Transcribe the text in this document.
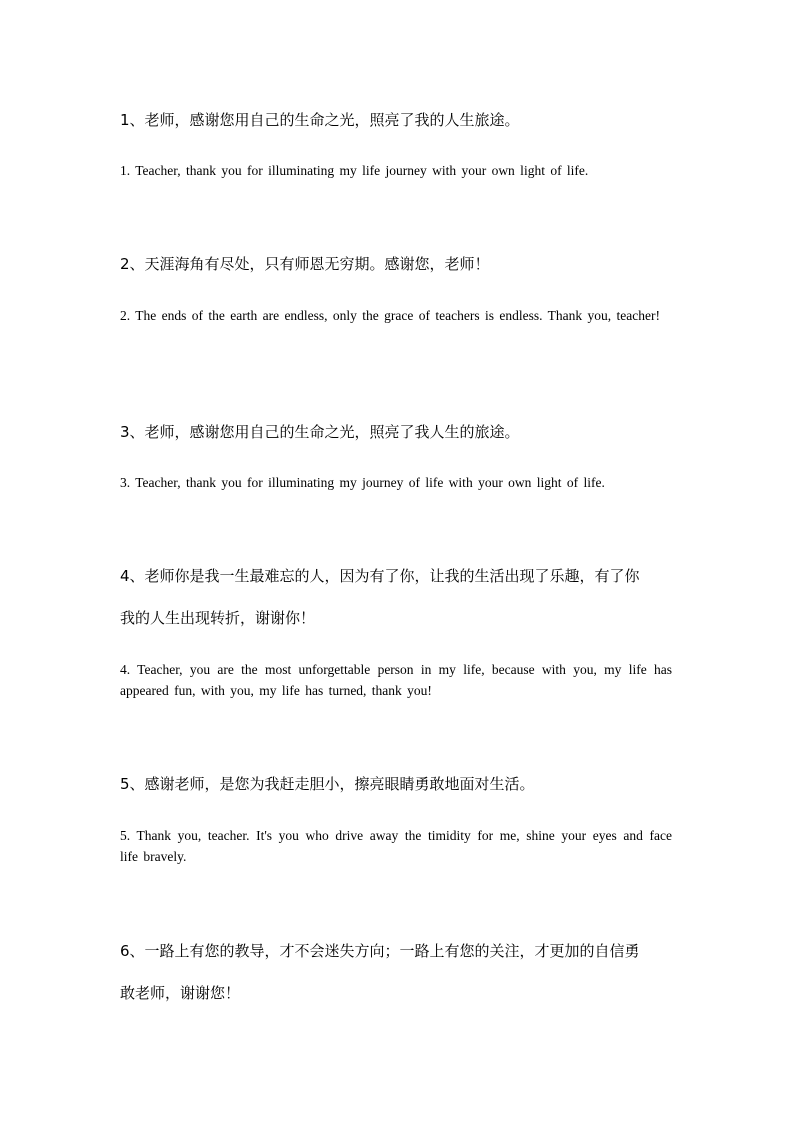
1、老师，感谢您用自己的生命之光，照亮了我的人生旅途。
1. Teacher, thank you for illuminating my life journey with your own light of life.
2、天涯海角有尽处，只有师恩无穷期。感谢您，老师！
2. The ends of the earth are endless, only the grace of teachers is endless. Thank you, teacher!
3、老师，感谢您用自己的生命之光，照亮了我人生的旅途。
3. Teacher, thank you for illuminating my journey of life with your own light of life.
4、老师你是我一生最难忘的人，因为有了你，让我的生活出现了乐趣，有了你
我的人生出现转折，谢谢你！
4. Teacher, you are the most unforgettable person in my life, because with you, my life has appeared fun, with you, my life has turned, thank you!
5、感谢老师，是您为我赶走胆小，擦亮眼睛勇敢地面对生活。
5. Thank you, teacher. It's you who drive away the timidity for me, shine your eyes and face life bravely.
6、一路上有您的教导，才不会迷失方向；一路上有您的关注，才更加的自信勇
敢老师，谢谢您！
